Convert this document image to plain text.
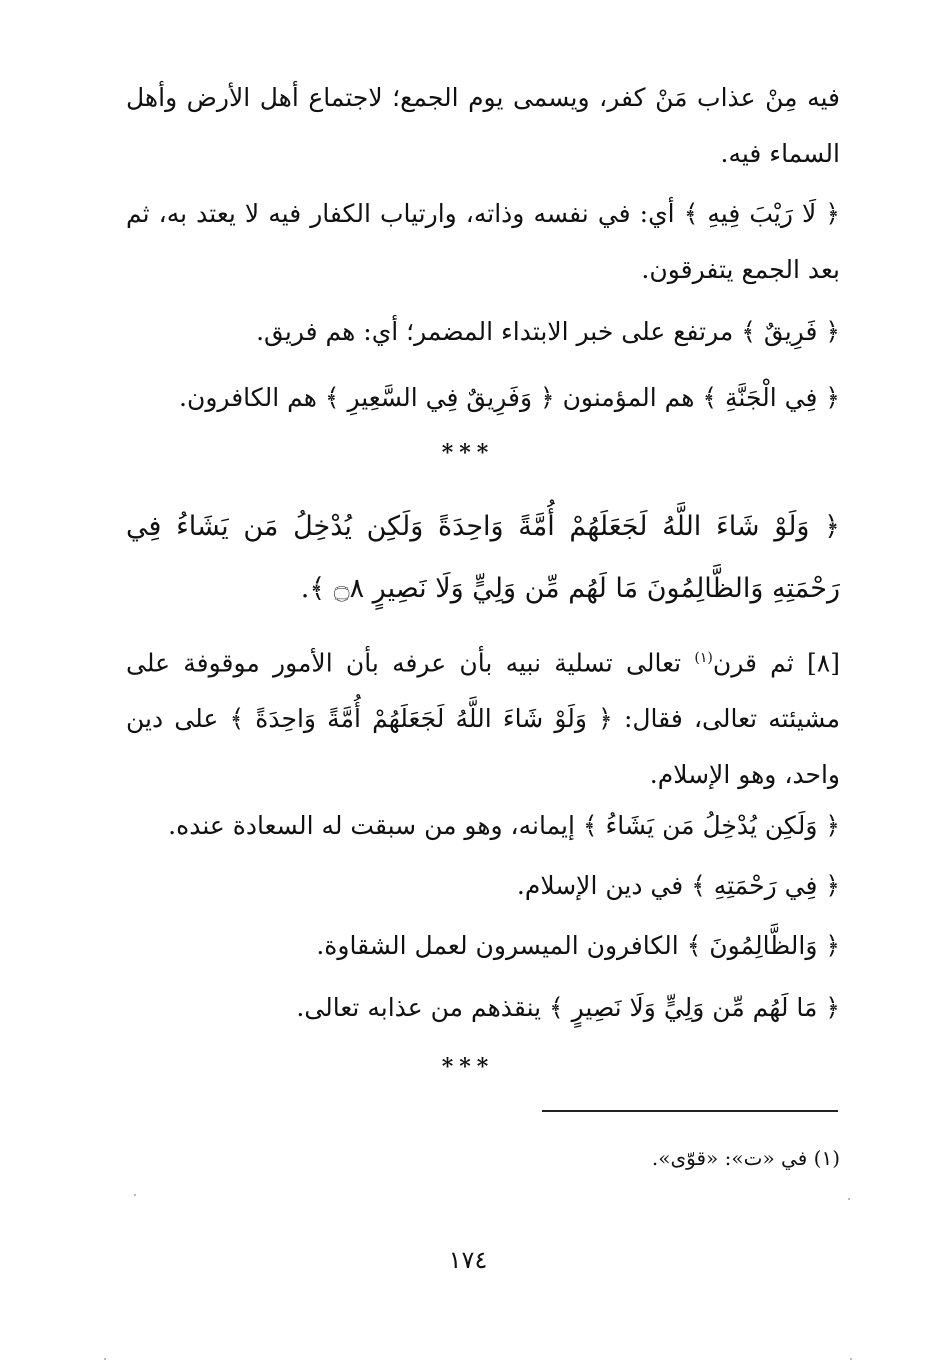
فيه مِنْ عذاب مَنْ كفر، ويسمى يوم الجمع؛ لاجتماع أهل الأرض وأهل السماء فيه.

﴿ لَا رَيْبَ فِيهِ ﴾ أي: في نفسه وذاته، وارتياب الكفار فيه لا يعتد به، ثم بعد الجمع يتفرقون.

﴿ فَرِيقٌ ﴾ مرتفع على خبر الابتداء المضمر؛ أي: هم فريق.

﴿ فِي الْجَنَّةِ ﴾ هم المؤمنون ﴿ وَفَرِيقٌ فِي السَّعِيرِ ﴾ هم الكافرون.

***

﴿ وَلَوْ شَاءَ اللَّهُ لَجَعَلَهُمْ أُمَّةً وَاحِدَةً وَلَكِن يُدْخِلُ مَن يَشَاءُ فِي رَحْمَتِهِ وَالظَّالِمُونَ مَا لَهُم مِّن وَلِيٍّ وَلَا نَصِيرٍ ۝٨ ﴾.

[٨] ثم قرن$^{(١)}$ تعالى تسلية نبيه بأن عرفه بأن الأمور موقوفة على مشيئته تعالى، فقال: ﴿ وَلَوْ شَاءَ اللَّهُ لَجَعَلَهُمْ أُمَّةً وَاحِدَةً ﴾ على دين واحد، وهو الإسلام.

﴿ وَلَكِن يُدْخِلُ مَن يَشَاءُ ﴾ إيمانه، وهو من سبقت له السعادة عنده.

﴿ فِي رَحْمَتِهِ ﴾ في دين الإسلام.

﴿ وَالظَّالِمُونَ ﴾ الكافرون الميسرون لعمل الشقاوة.

﴿ مَا لَهُم مِّن وَلِيٍّ وَلَا نَصِيرٍ ﴾ ينقذهم من عذابه تعالى.

***
(١) في «ت»: «قوّى».
١٧٤
